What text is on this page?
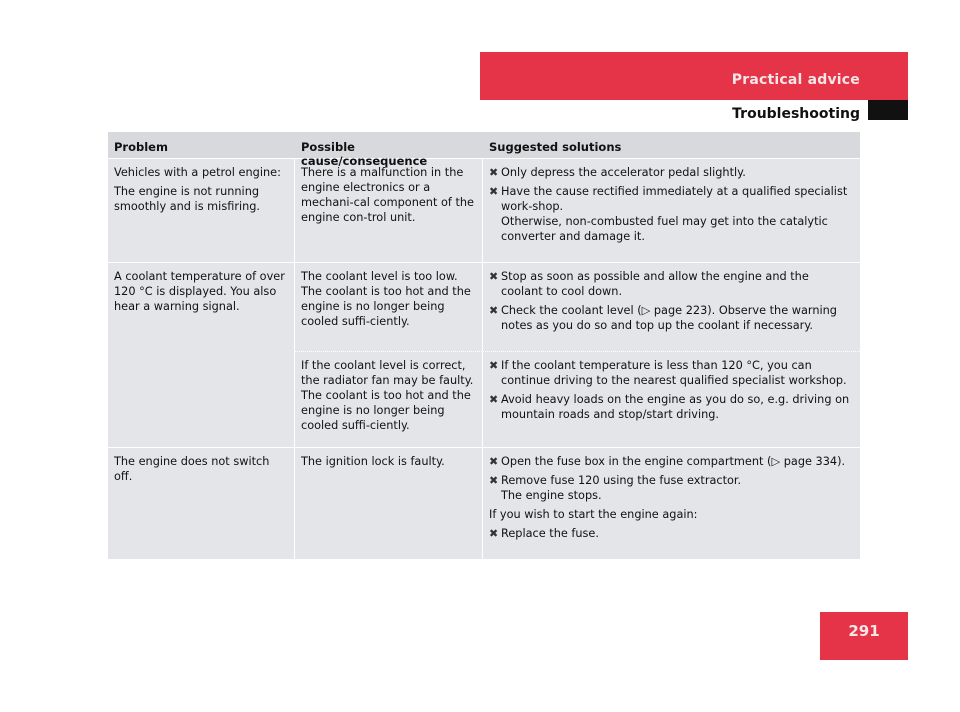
Practical advice
Troubleshooting
Problem	Possible cause/consequence
Suggested solutions

Vehicles with a petrol engine:

The engine is not running smoothly and is misfiring.

There is a malfunction in the engine electronics or a mechani-cal component of the engine con-trol unit.
✖ Only depress the accelerator pedal slightly.
✖ Have the cause rectified immediately at a qualified specialist work-shop.
Otherwise, non-combusted fuel may get into the catalytic converter and damage it.

A coolant temperature of over 120 °C is displayed. You also hear a warning signal.

The coolant level is too low. The coolant is too hot and the engine is no longer being cooled suffi-ciently.
✖ Stop as soon as possible and allow the engine and the coolant to cool down.
✖ Check the coolant level (▷ page 223). Observe the warning notes as you do so and top up the coolant if necessary.
If the coolant level is correct, the radiator fan may be faulty. The coolant is too hot and the engine is no longer being cooled suffi-ciently.
✖ If the coolant temperature is less than 120 °C, you can continue driving to the nearest qualified specialist workshop.
✖ Avoid heavy loads on the engine as you do so, e.g. driving on mountain roads and stop/start driving.

The engine does not switch off.

The ignition lock is faulty.	✖ Open the fuse box in the engine compartment (▷ page 334).
✖ Remove fuse 120 using the fuse extractor.
The engine stops.

If you wish to start the engine again:

✖ Replace the fuse.
291
